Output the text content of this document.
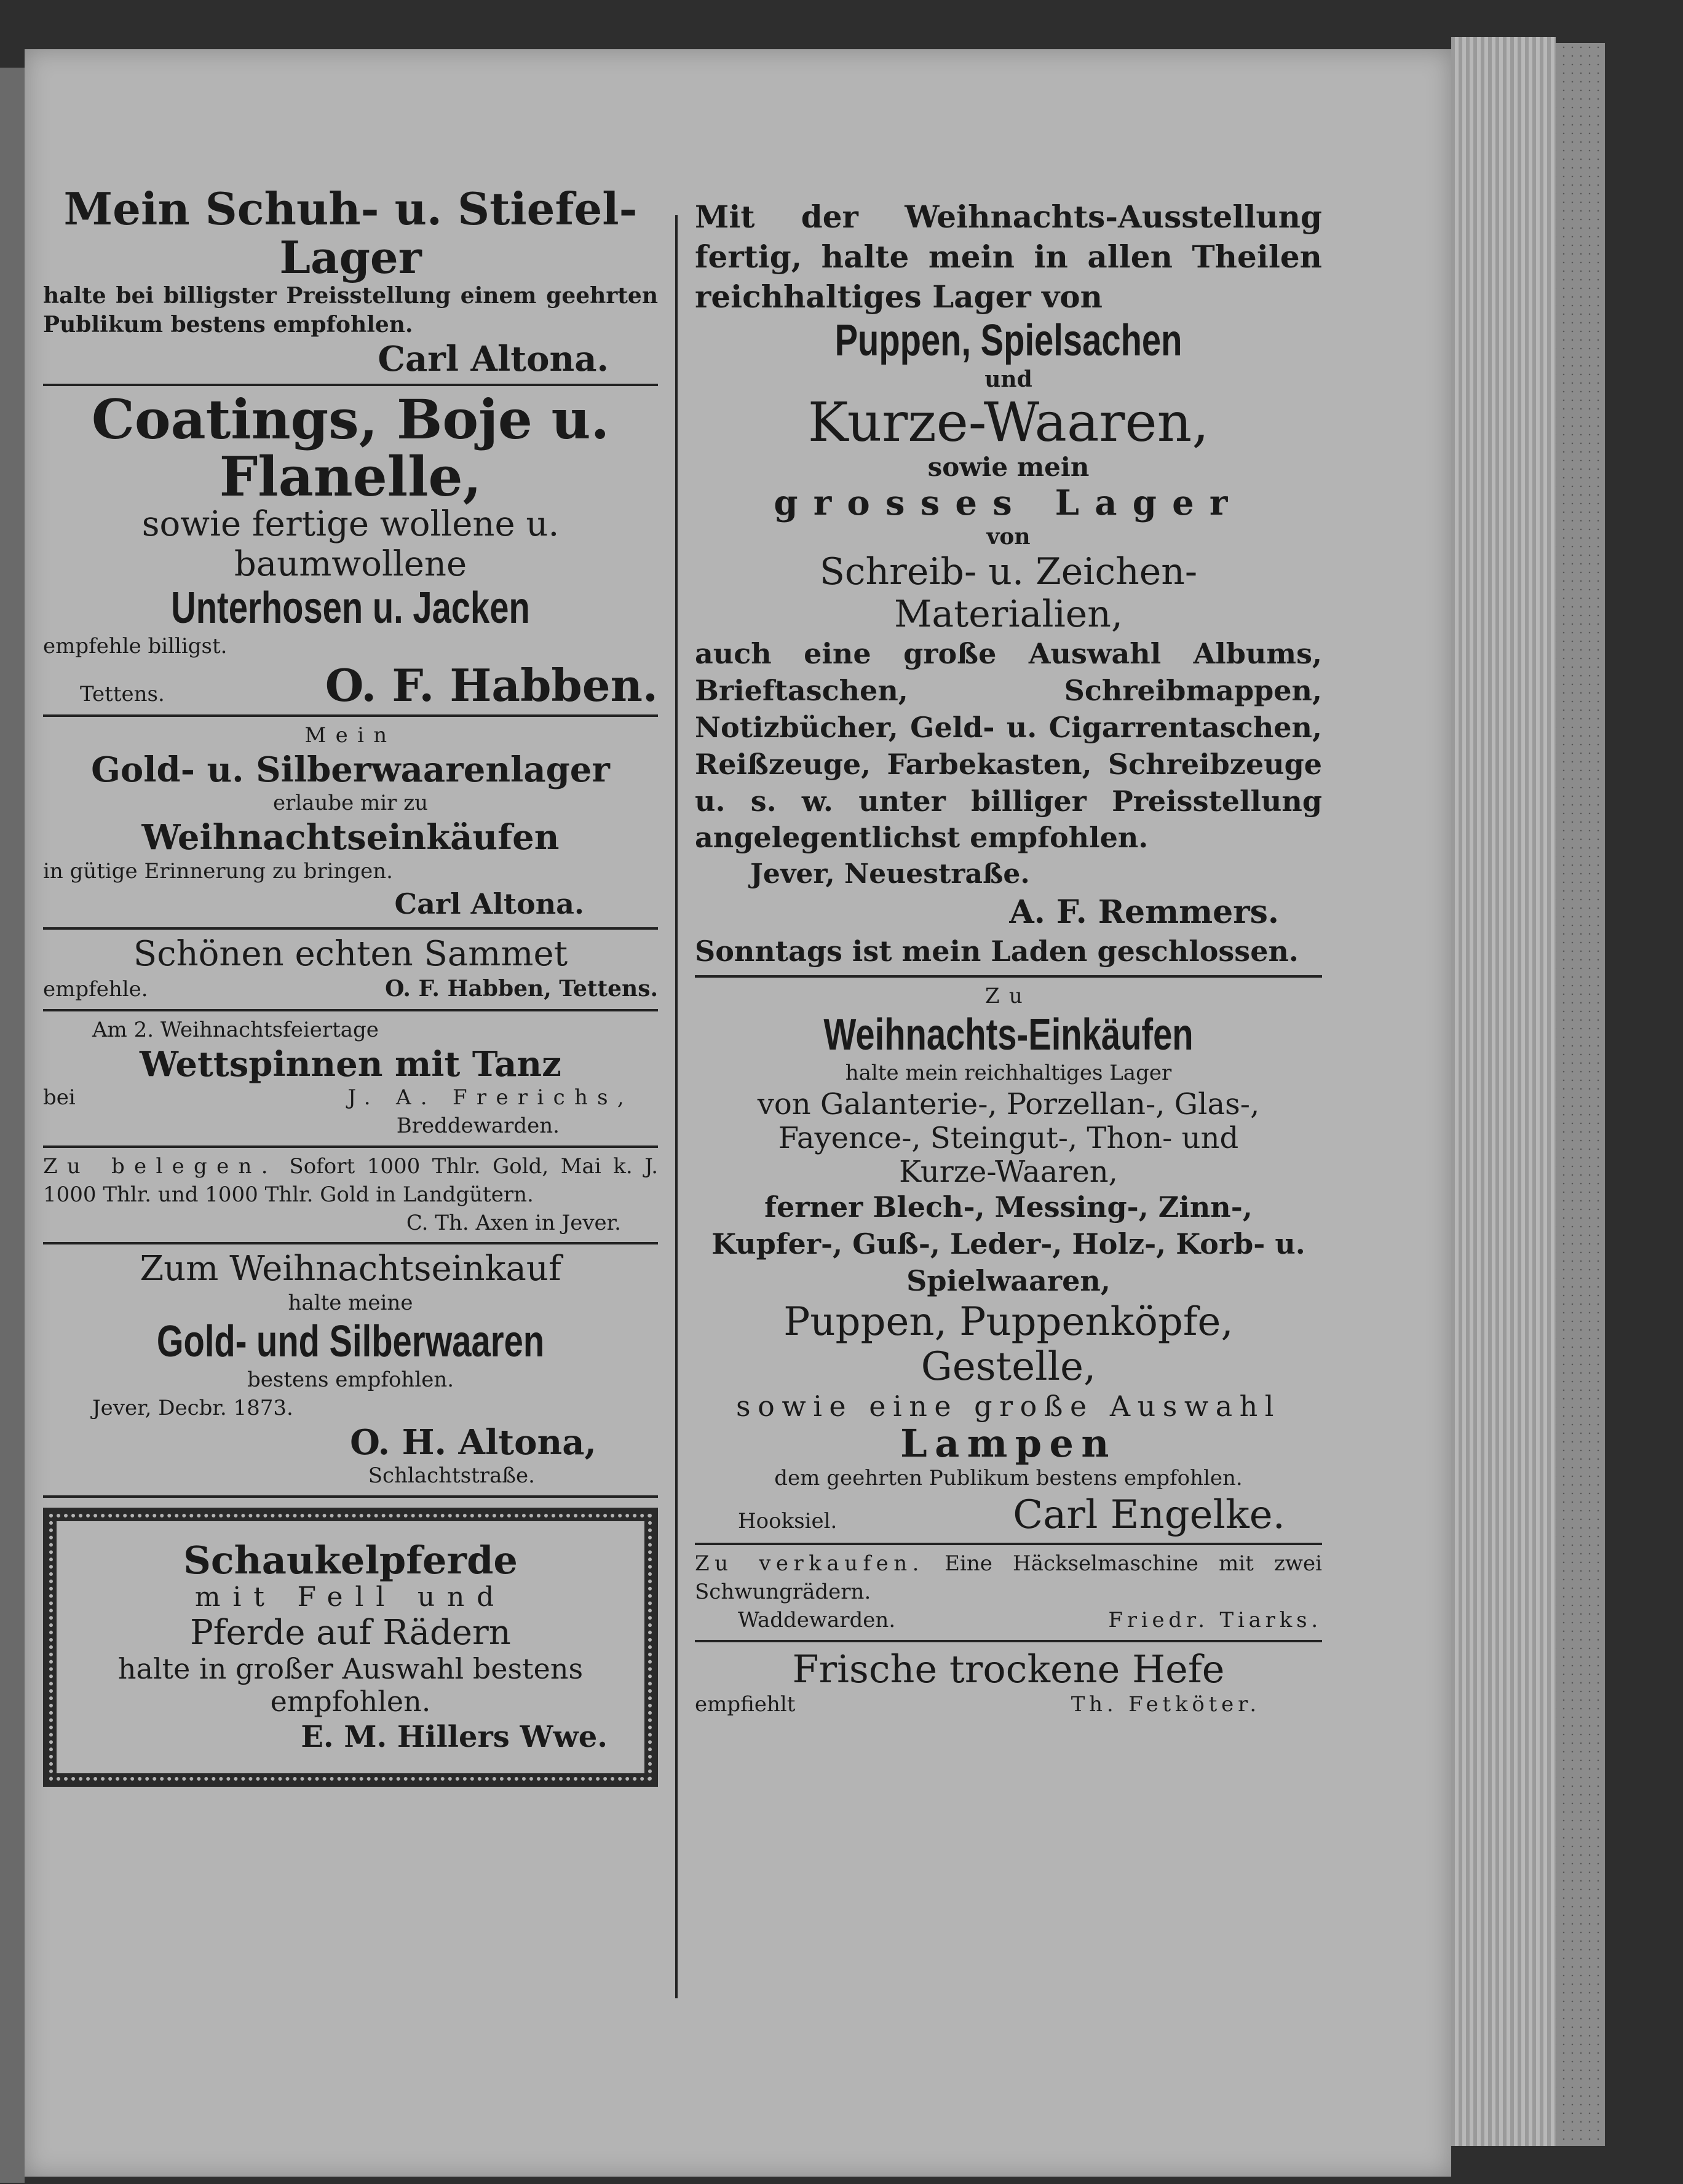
Mein Schuh- u. Stiefel-
Lager
halte bei billigster Preisstellung einem geehrten Publikum bestens empfohlen.
Carl Altona.
Coatings, Boje u.
Flanelle,
sowie fertige wollene u. baumwollene
Unterhosen u. Jacken
empfehle billigst.
Tettens.	O. F. Habben.
Mein
Gold- u. Silberwaarenlager
erlaube mir zu
Weihnachtseinkäufen
in gütige Erinnerung zu bringen.
Carl Altona.
Schönen echten Sammet
empfehle.	O. F. Habben, Tettens.
Am 2. Weihnachtsfeiertage
Wettspinnen mit Tanz
bei	J. A. Frerichs,
Breddewarden.
Zu belegen. Sofort 1000 Thlr. Gold, Mai k. J. 1000 Thlr. und 1000 Thlr. Gold in Landgütern.
C. Th. Axen in Jever.
Zum Weihnachtseinkauf
halte meine
Gold- und Silberwaaren
bestens empfohlen.
Jever, Decbr. 1873.
O. H. Altona,
Schlachtstraße.
Schaukelpferde
mit Fell und
Pferde auf Rädern
halte in großer Auswahl bestens empfohlen.
E. M. Hillers Wwe.
Mit der Weihnachts-Ausstellung fertig, halte mein in allen Theilen reichhaltiges Lager von
Puppen, Spielsachen
und
Kurze-Waaren,
sowie mein
grosses Lager
von
Schreib- u. Zeichen-
Materialien,
auch eine große Auswahl Albums, Brieftaschen, Schreibmappen, Notizbücher, Geld- u. Cigarrentaschen, Reißzeuge, Farbekasten, Schreibzeuge u. s. w. unter billiger Preisstellung angelegentlichst empfohlen.
Jever, Neuestraße.
A. F. Remmers.
Sonntags ist mein Laden geschlossen.
Zu
Weihnachts-Einkäufen
halte mein reichhaltiges Lager
von Galanterie-, Porzellan-, Glas-, Fayence-, Steingut-, Thon- und
Kurze-Waaren,
ferner Blech-, Messing-, Zinn-, Kupfer-, Guß-, Leder-, Holz-, Korb- u. Spielwaaren,
Puppen, Puppenköpfe,
Gestelle,
sowie eine große Auswahl
Lampen
dem geehrten Publikum bestens empfohlen.
Hooksiel.	Carl Engelke.
Zu verkaufen. Eine Häckselmaschine mit zwei Schwungrädern.
Waddewarden.	Friedr. Tiarks.
Frische trockene Hefe
empfiehlt	Th. Fetköter.
